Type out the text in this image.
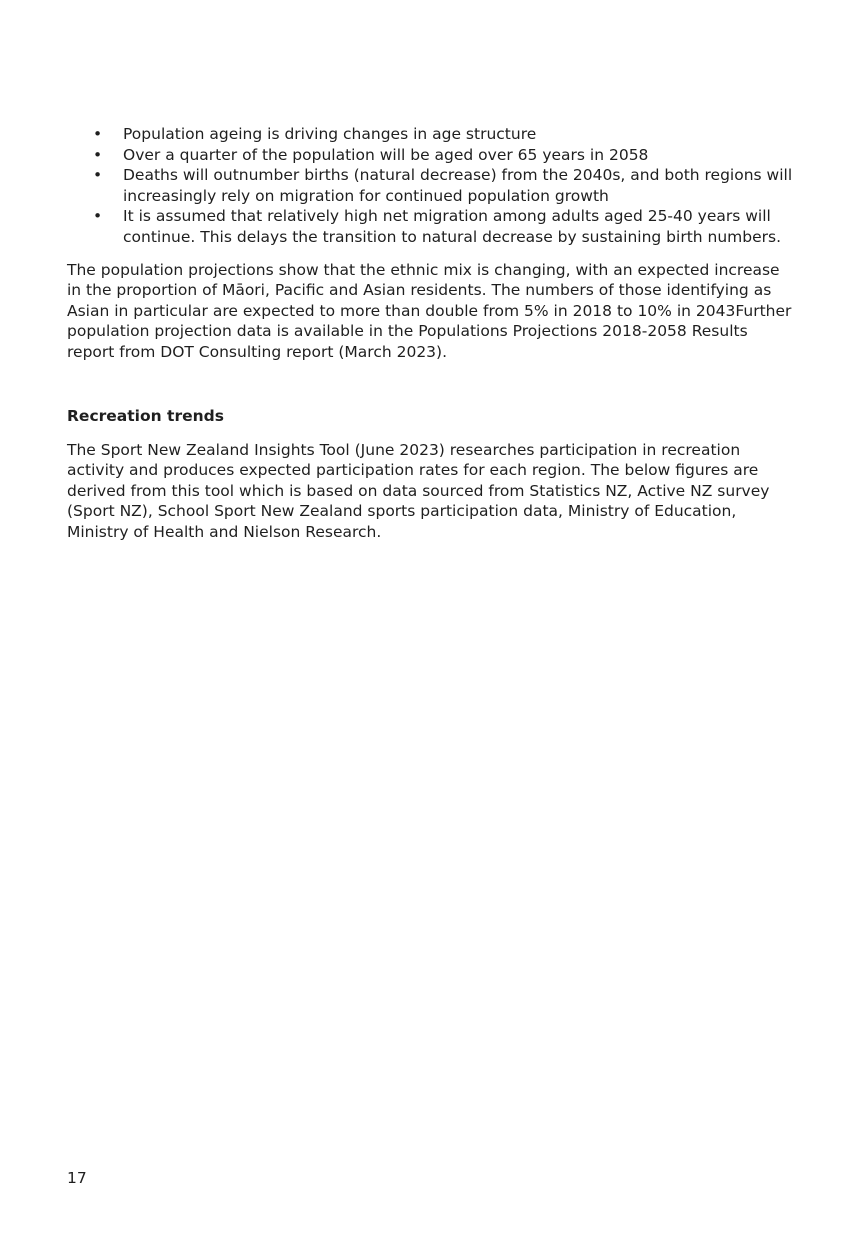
• Population ageing is driving changes in age structure
• Over a quarter of the population will be aged over 65 years in 2058
• Deaths will outnumber births (natural decrease) from the 2040s, and both regions will increasingly rely on migration for continued population growth
• It is assumed that relatively high net migration among adults aged 25-40 years will continue. This delays the transition to natural decrease by sustaining birth numbers.

The population projections show that the ethnic mix is changing, with an expected increase in the proportion of Māori, Pacific and Asian residents. The numbers of those identifying as Asian in particular are expected to more than double from 5% in 2018 to 10% in 2043Further population projection data is available in the Populations Projections 2018-2058 Results report from DOT Consulting report (March 2023).

Recreation trends

The Sport New Zealand Insights Tool (June 2023) researches participation in recreation activity and produces expected participation rates for each region. The below figures are derived from this tool which is based on data sourced from Statistics NZ, Active NZ survey (Sport NZ), School Sport New Zealand sports participation data, Ministry of Education, Ministry of Health and Nielson Research.

17
